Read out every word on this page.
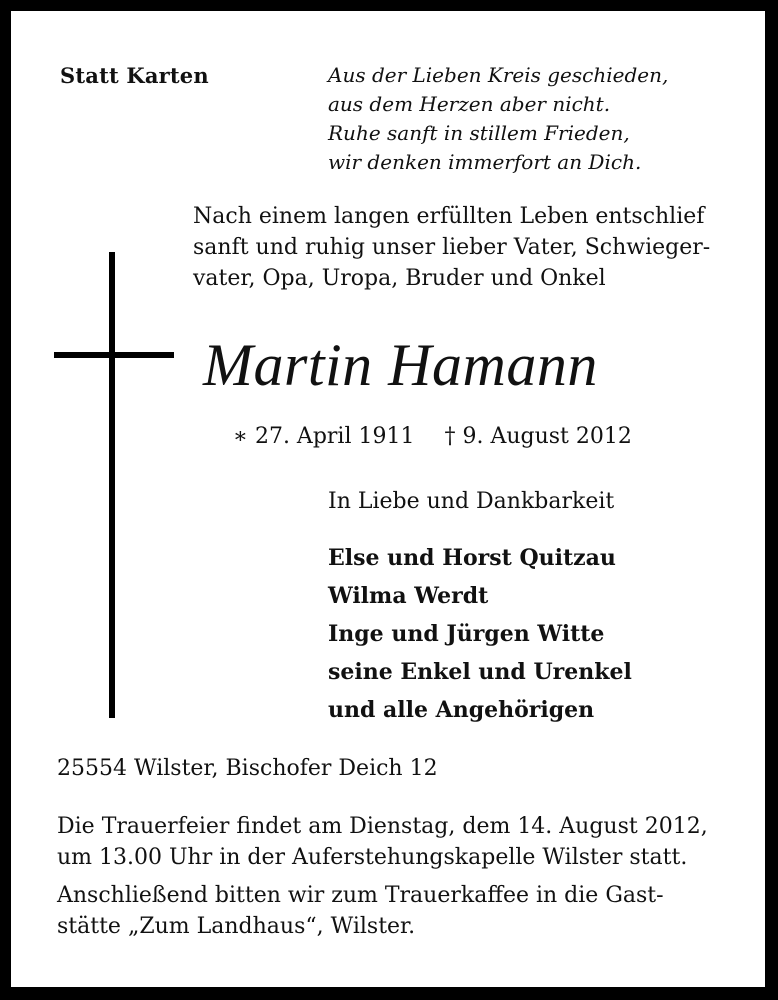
Statt Karten	Aus der Lieben Kreis geschieden,
aus dem Herzen aber nicht.
Ruhe sanft in stillem Frieden,
wir denken immerfort an Dich.
Nach einem langen erfüllten Leben entschlief
sanft und ruhig unser lieber Vater, Schwieger-
vater, Opa, Uropa, Bruder und Onkel
Martin Hamann
∗ 27. April 1911 † 9. August 2012
In Liebe und Dankbarkeit
Else und Horst Quitzau
Wilma Werdt
Inge und Jürgen Witte
seine Enkel und Urenkel
und alle Angehörigen
25554 Wilster, Bischofer Deich 12
Die Trauerfeier findet am Dienstag, dem 14. August 2012,
um 13.00 Uhr in der Auferstehungskapelle Wilster statt.
Anschließend bitten wir zum Trauerkaffee in die Gast-
stätte „Zum Landhaus“, Wilster.
